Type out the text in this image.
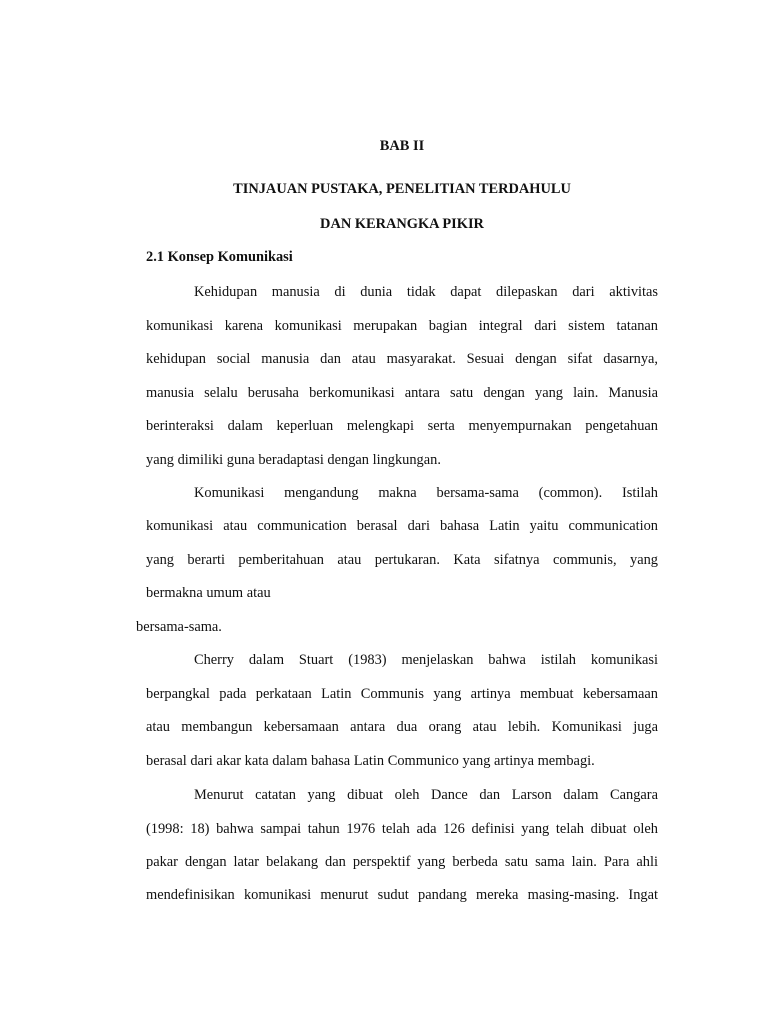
BAB II
TINJAUAN PUSTAKA, PENELITIAN TERDAHULU
DAN KERANGKA PIKIR
2.1 Konsep Komunikasi
Kehidupan manusia di dunia tidak dapat dilepaskan dari aktivitas
komunikasi karena komunikasi merupakan bagian integral dari sistem tatanan
kehidupan social manusia dan atau masyarakat. Sesuai dengan sifat dasarnya,
manusia selalu berusaha berkomunikasi antara satu dengan yang lain. Manusia
berinteraksi dalam keperluan melengkapi serta menyempurnakan pengetahuan
yang dimiliki guna beradaptasi dengan lingkungan.
Komunikasi mengandung makna bersama-sama (common). Istilah
komunikasi atau communication berasal dari bahasa Latin yaitu communication
yang berarti pemberitahuan atau pertukaran. Kata sifatnya communis, yang
bermakna umum atau
bersama-sama.
Cherry dalam Stuart (1983) menjelaskan bahwa istilah komunikasi
berpangkal pada perkataan Latin Communis yang artinya membuat kebersamaan
atau membangun kebersamaan antara dua orang atau lebih. Komunikasi juga
berasal dari akar kata dalam bahasa Latin Communico yang artinya membagi.
Menurut catatan yang dibuat oleh Dance dan Larson dalam Cangara
(1998: 18) bahwa sampai tahun 1976 telah ada 126 definisi yang telah dibuat oleh
pakar dengan latar belakang dan perspektif yang berbeda satu sama lain. Para ahli
mendefinisikan komunikasi menurut sudut pandang mereka masing-masing. Ingat
